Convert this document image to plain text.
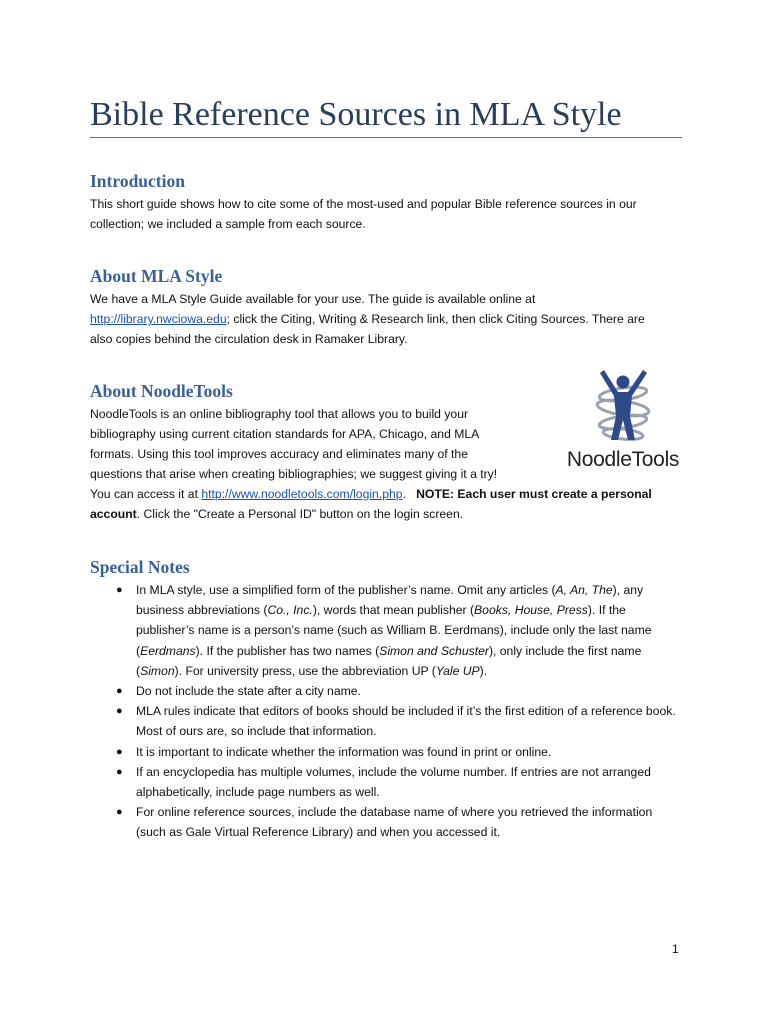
Bible Reference Sources in MLA Style
Introduction

This short guide shows how to cite some of the most-used and popular Bible reference sources in our
collection; we included a sample from each source.

About MLA Style

We have a MLA Style Guide available for your use. The guide is available online at
http://library.nwciowa.edu; click the Citing, Writing & Research link, then click Citing Sources. There are
also copies behind the circulation desk in Ramaker Library.

About NoodleTools

NoodleTools is an online bibliography tool that allows you to build your
bibliography using current citation standards for APA, Chicago, and MLA
formats. Using this tool improves accuracy and eliminates many of the
questions that arise when creating bibliographies; we suggest giving it a try!
You can access it at http://www.noodletools.com/login.php.   NOTE: Each user must create a personal
account. Click the "Create a Personal ID" button on the login screen.

NoodleTools
Special Notes
● In MLA style, use a simplified form of the publisher’s name. Omit any articles (A, An, The), any business abbreviations (Co., Inc.), words that mean publisher (Books, House, Press). If the publisher’s name is a person’s name (such as William B. Eerdmans), include only the last name (Eerdmans). If the publisher has two names (Simon and Schuster), only include the first name (Simon). For university press, use the abbreviation UP (Yale UP).
● Do not include the state after a city name.
● MLA rules indicate that editors of books should be included if it’s the first edition of a reference book. Most of ours are, so include that information.
● It is important to indicate whether the information was found in print or online.
● If an encyclopedia has multiple volumes, include the volume number. If entries are not arranged alphabetically, include page numbers as well.
● For online reference sources, include the database name of where you retrieved the information (such as Gale Virtual Reference Library) and when you accessed it.
1
